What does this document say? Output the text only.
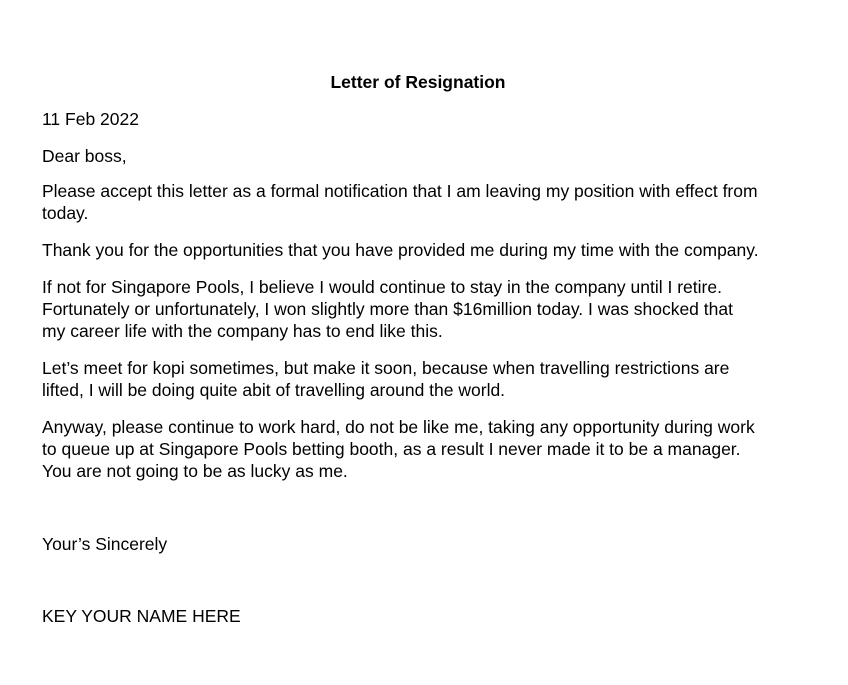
Letter of Resignation

11 Feb 2022

Dear boss,

Please accept this letter as a formal notification that I am leaving my position with effect from
today.

Thank you for the opportunities that you have provided me during my time with the company.

If not for Singapore Pools, I believe I would continue to stay in the company until I retire.
Fortunately or unfortunately, I won slightly more than $16million today. I was shocked that
my career life with the company has to end like this.

Let’s meet for kopi sometimes, but make it soon, because when travelling restrictions are
lifted, I will be doing quite abit of travelling around the world.

Anyway, please continue to work hard, do not be like me, taking any opportunity during work
to queue up at Singapore Pools betting booth, as a result I never made it to be a manager.
You are not going to be as lucky as me.

Your’s Sincerely

KEY YOUR NAME HERE
